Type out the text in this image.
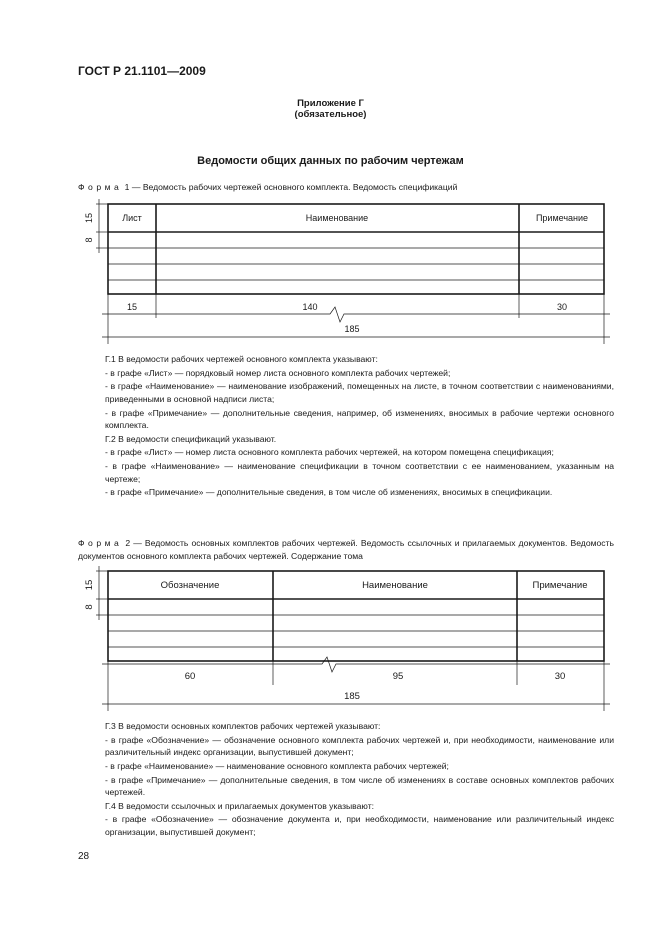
ГОСТ Р 21.1101—2009
Приложение Г
(обязательное)
Ведомости общих данных по рабочим чертежам
Форма 1 — Ведомость рабочих чертежей основного комплекта. Ведомость спецификаций
Лист	Наименование	Примечание
15	140	30
185
15
8

Г.1 В ведомости рабочих чертежей основного комплекта указывают:

- в графе «Лист» — порядковый номер листа основного комплекта рабочих чертежей;

- в графе «Наименование» — наименование изображений, помещенных на листе, в точном соответствии с наименованиями, приведенными в основной надписи листа;

- в графе «Примечание» — дополнительные сведения, например, об изменениях, вносимых в рабочие чертежи основного комплекта.

Г.2 В ведомости спецификаций указывают.

- в графе «Лист» — номер листа основного комплекта рабочих чертежей, на котором помещена спецификация;

- в графе «Наименование» — наименование спецификации в точном соответствии с ее наименованием, указанным на чертеже;

- в графе «Примечание» — дополнительные сведения, в том числе об изменениях, вносимых в спецификации.

Форма 2 — Ведомость основных комплектов рабочих чертежей. Ведомость ссылочных и прилагаемых документов. Ведомость документов основного комплекта рабочих чертежей. Содержание тома
Обозначение	Наименование	Примечание
60	95	30
185
15
8

Г.3 В ведомости основных комплектов рабочих чертежей указывают:

- в графе «Обозначение» — обозначение основного комплекта рабочих чертежей и, при необходимости, наименование или различительный индекс организации, выпустившей документ;

- в графе «Наименование» — наименование основного комплекта рабочих чертежей;

- в графе «Примечание» — дополнительные сведения, в том числе об изменениях в составе основных комплектов рабочих чертежей.

Г.4 В ведомости ссылочных и прилагаемых документов указывают:

- в графе «Обозначение» — обозначение документа и, при необходимости, наименование или различительный индекс организации, выпустившей документ;

28
